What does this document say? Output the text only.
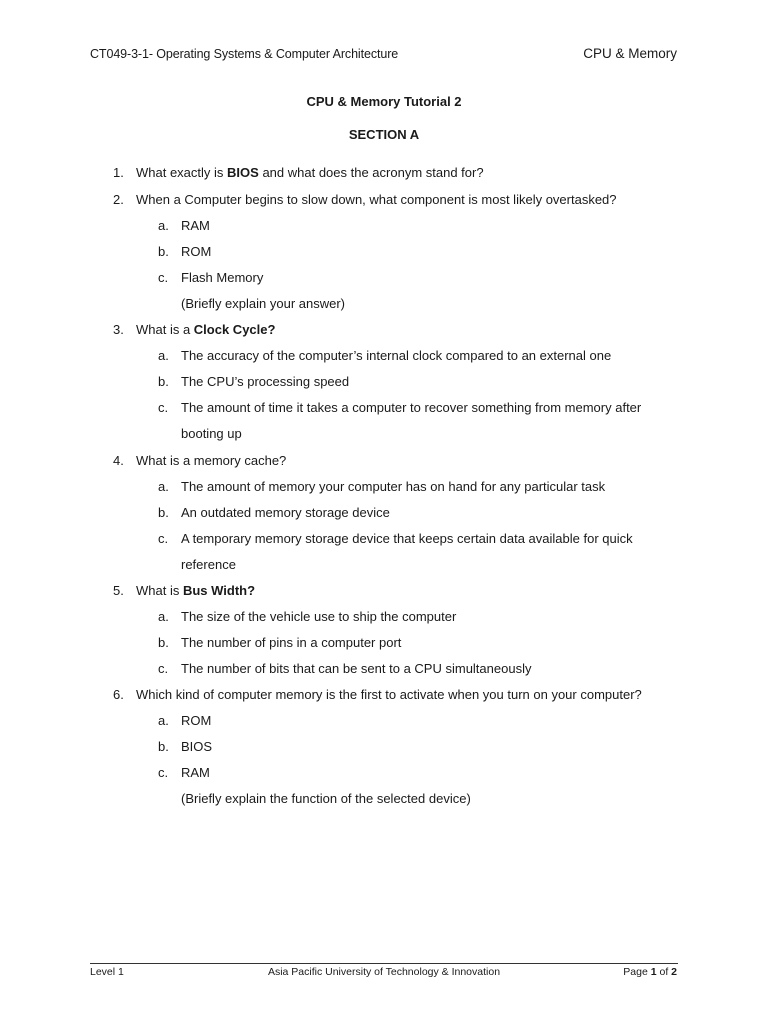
CT049-3-1- Operating Systems & Computer Architecture	CPU & Memory
CPU & Memory Tutorial 2
SECTION A
1. What exactly is BIOS and what does the acronym stand for?
2. When a Computer begins to slow down, what component is most likely overtasked?
a. RAM
b. ROM
c. Flash Memory
(Briefly explain your answer)
3. What is a Clock Cycle?
a. The accuracy of the computer’s internal clock compared to an external one
b. The CPU’s processing speed
c. The amount of time it takes a computer to recover something from memory after
booting up
4. What is a memory cache?
a. The amount of memory your computer has on hand for any particular task
b. An outdated memory storage device
c. A temporary memory storage device that keeps certain data available for quick
reference
5. What is Bus Width?
a. The size of the vehicle use to ship the computer
b. The number of pins in a computer port
c. The number of bits that can be sent to a CPU simultaneously
6. Which kind of computer memory is the first to activate when you turn on your computer?
a. ROM
b. BIOS
c. RAM
(Briefly explain the function of the selected device)
Level 1	Asia Pacific University of Technology & Innovation	Page 1 of 2
